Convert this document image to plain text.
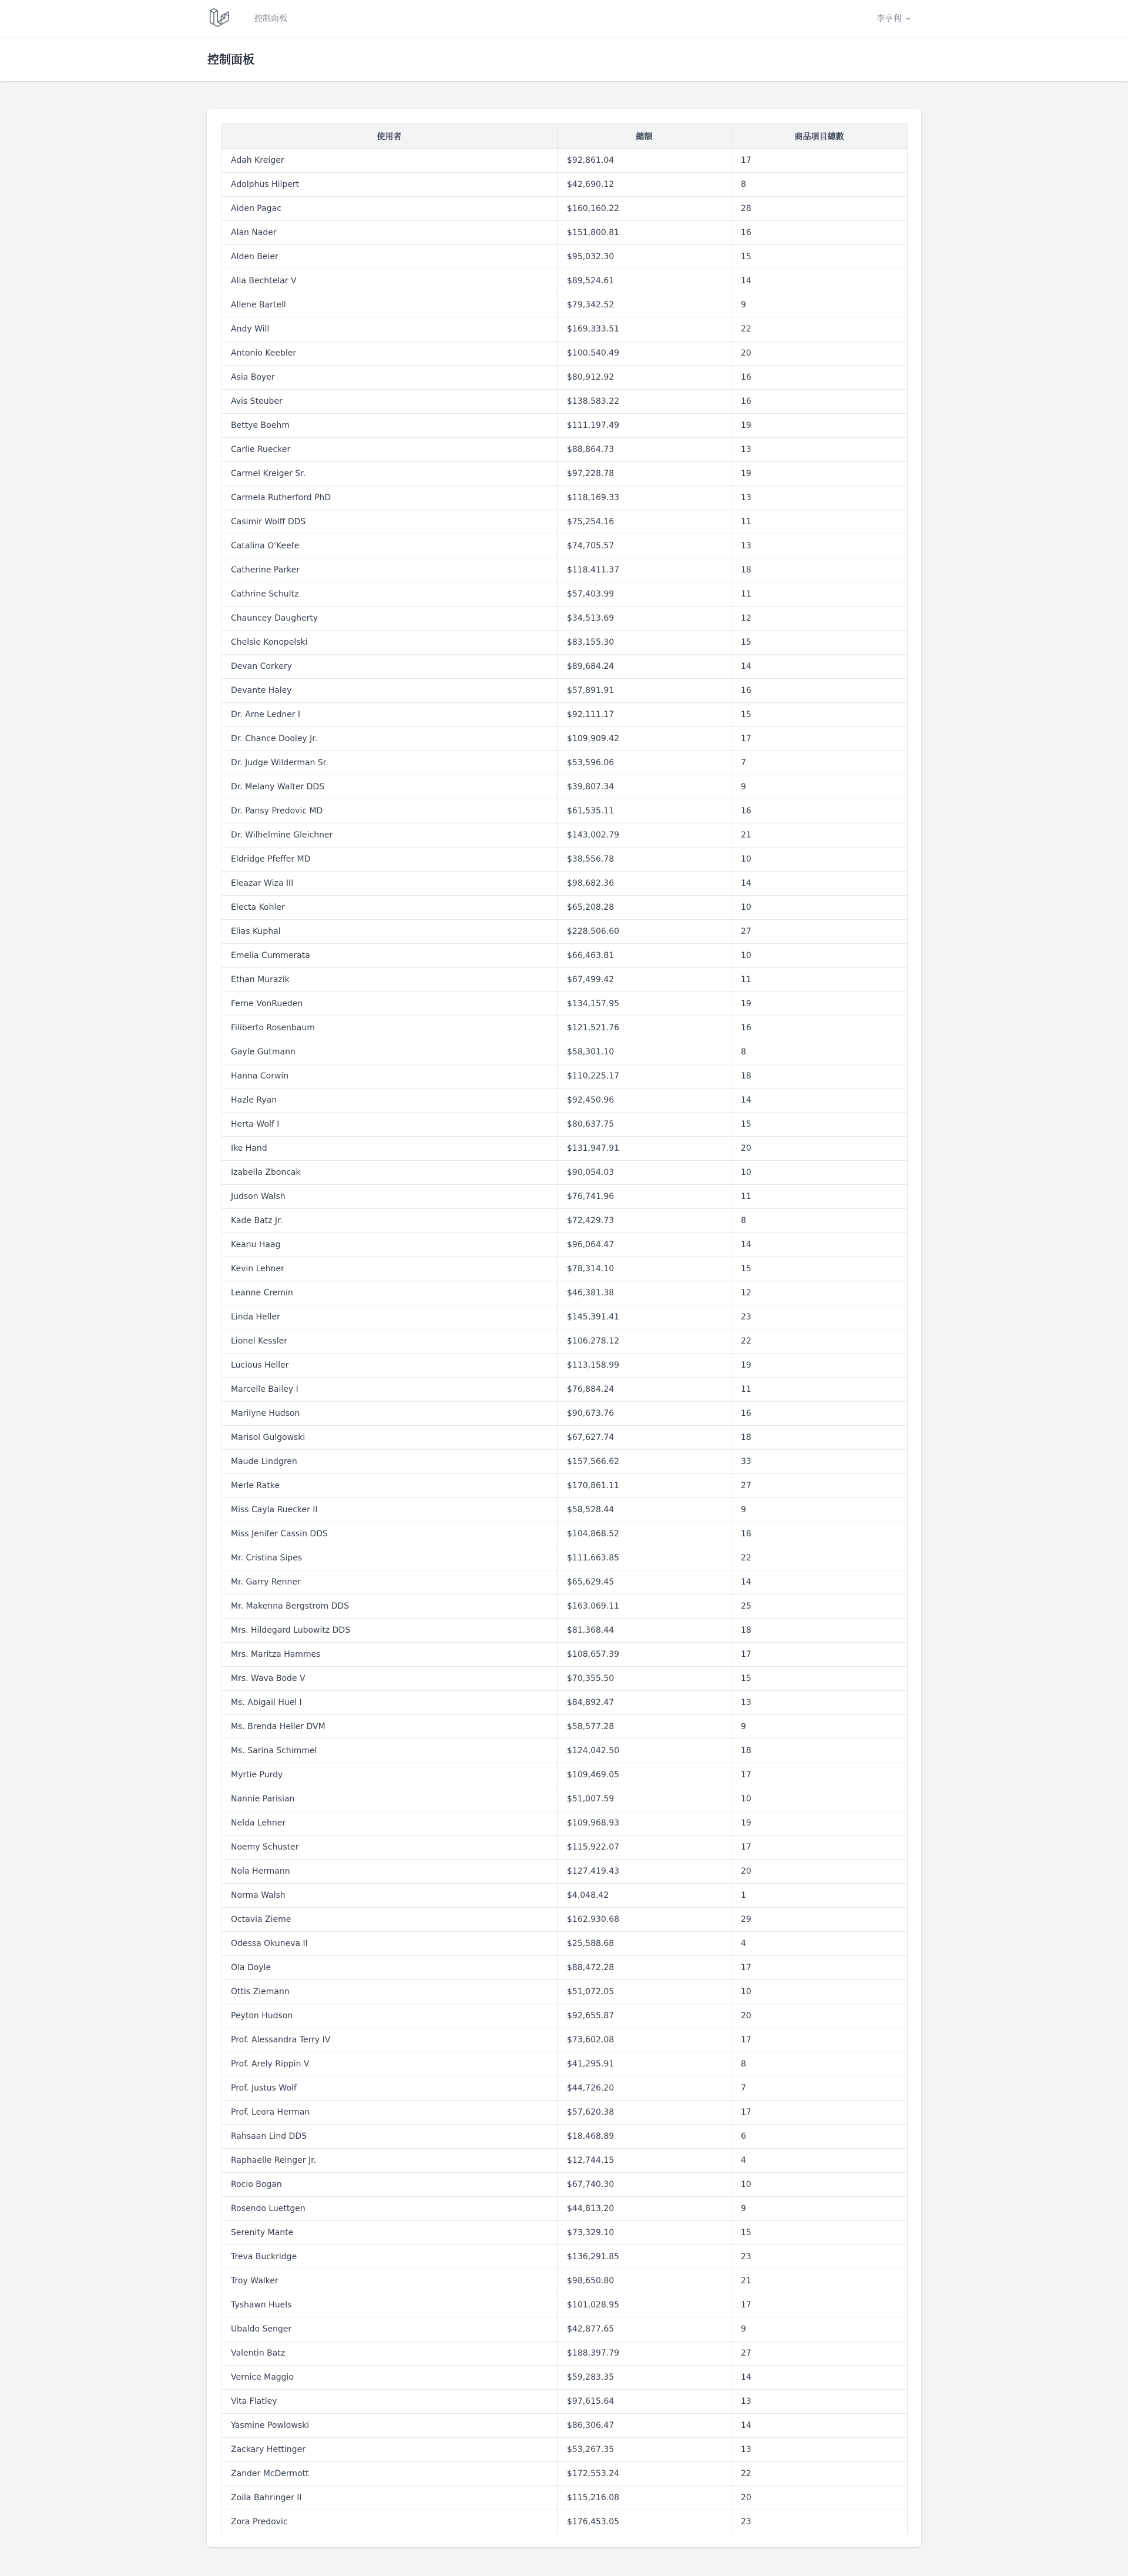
控制面板	李亨利
控制面板
使用者	總額	商品項目總數
Adah Kreiger	$92,861.04	17
Adolphus Hilpert	$42,690.12	8
Aiden Pagac	$160,160.22	28
Alan Nader	$151,800.81	16
Alden Beier	$95,032.30	15
Alia Bechtelar V	$89,524.61	14
Allene Bartell	$79,342.52	9
Andy Will	$169,333.51	22
Antonio Keebler	$100,540.49	20
Asia Boyer	$80,912.92	16
Avis Steuber	$138,583.22	16
Bettye Boehm	$111,197.49	19
Carlie Ruecker	$88,864.73	13
Carmel Kreiger Sr.	$97,228.78	19
Carmela Rutherford PhD	$118,169.33	13
Casimir Wolff DDS	$75,254.16	11
Catalina O'Keefe	$74,705.57	13
Catherine Parker	$118,411.37	18
Cathrine Schultz	$57,403.99	11
Chauncey Daugherty	$34,513.69	12
Chelsie Konopelski	$83,155.30	15
Devan Corkery	$89,684.24	14
Devante Haley	$57,891.91	16
Dr. Arne Ledner I	$92,111.17	15
Dr. Chance Dooley Jr.	$109,909.42	17
Dr. Judge Wilderman Sr.	$53,596.06	7
Dr. Melany Walter DDS	$39,807.34	9
Dr. Pansy Predovic MD	$61,535.11	16
Dr. Wilhelmine Gleichner	$143,002.79	21
Eldridge Pfeffer MD	$38,556.78	10
Eleazar Wiza III	$98,682.36	14
Electa Kohler	$65,208.28	10
Elias Kuphal	$228,506.60	27
Emelia Cummerata	$66,463.81	10
Ethan Murazik	$67,499.42	11
Ferne VonRueden	$134,157.95	19
Filiberto Rosenbaum	$121,521.76	16
Gayle Gutmann	$58,301.10	8
Hanna Corwin	$110,225.17	18
Hazle Ryan	$92,450.96	14
Herta Wolf I	$80,637.75	15
Ike Hand	$131,947.91	20
Izabella Zboncak	$90,054.03	10
Judson Walsh	$76,741.96	11
Kade Batz Jr.	$72,429.73	8
Keanu Haag	$96,064.47	14
Kevin Lehner	$78,314.10	15
Leanne Cremin	$46,381.38	12
Linda Heller	$145,391.41	23
Lionel Kessler	$106,278.12	22
Lucious Heller	$113,158.99	19
Marcelle Bailey I	$76,884.24	11
Marilyne Hudson	$90,673.76	16
Marisol Gulgowski	$67,627.74	18
Maude Lindgren	$157,566.62	33
Merle Ratke	$170,861.11	27
Miss Cayla Ruecker II	$58,528.44	9
Miss Jenifer Cassin DDS	$104,868.52	18
Mr. Cristina Sipes	$111,663.85	22
Mr. Garry Renner	$65,629.45	14
Mr. Makenna Bergstrom DDS	$163,069.11	25
Mrs. Hildegard Lubowitz DDS	$81,368.44	18
Mrs. Maritza Hammes	$108,657.39	17
Mrs. Wava Bode V	$70,355.50	15
Ms. Abigail Huel I	$84,892.47	13
Ms. Brenda Heller DVM	$58,577.28	9
Ms. Sarina Schimmel	$124,042.50	18
Myrtie Purdy	$109,469.05	17
Nannie Parisian	$51,007.59	10
Nelda Lehner	$109,968.93	19
Noemy Schuster	$115,922.07	17
Nola Hermann	$127,419.43	20
Norma Walsh	$4,048.42	1
Octavia Zieme	$162,930.68	29
Odessa Okuneva II	$25,588.68	4
Ola Doyle	$88,472.28	17
Ottis Ziemann	$51,072.05	10
Peyton Hudson	$92,655.87	20
Prof. Alessandra Terry IV	$73,602.08	17
Prof. Arely Rippin V	$41,295.91	8
Prof. Justus Wolf	$44,726.20	7
Prof. Leora Herman	$57,620.38	17
Rahsaan Lind DDS	$18,468.89	6
Raphaelle Reinger Jr.	$12,744.15	4
Rocio Bogan	$67,740.30	10
Rosendo Luettgen	$44,813.20	9
Serenity Mante	$73,329.10	15
Treva Buckridge	$136,291.85	23
Troy Walker	$98,650.80	21
Tyshawn Huels	$101,028.95	17
Ubaldo Senger	$42,877.65	9
Valentin Batz	$188,397.79	27
Vernice Maggio	$59,283.35	14
Vita Flatley	$97,615.64	13
Yasmine Powlowski	$86,306.47	14
Zackary Hettinger	$53,267.35	13
Zander McDermott	$172,553.24	22
Zoila Bahringer II	$115,216.08	20
Zora Predovic	$176,453.05	23
